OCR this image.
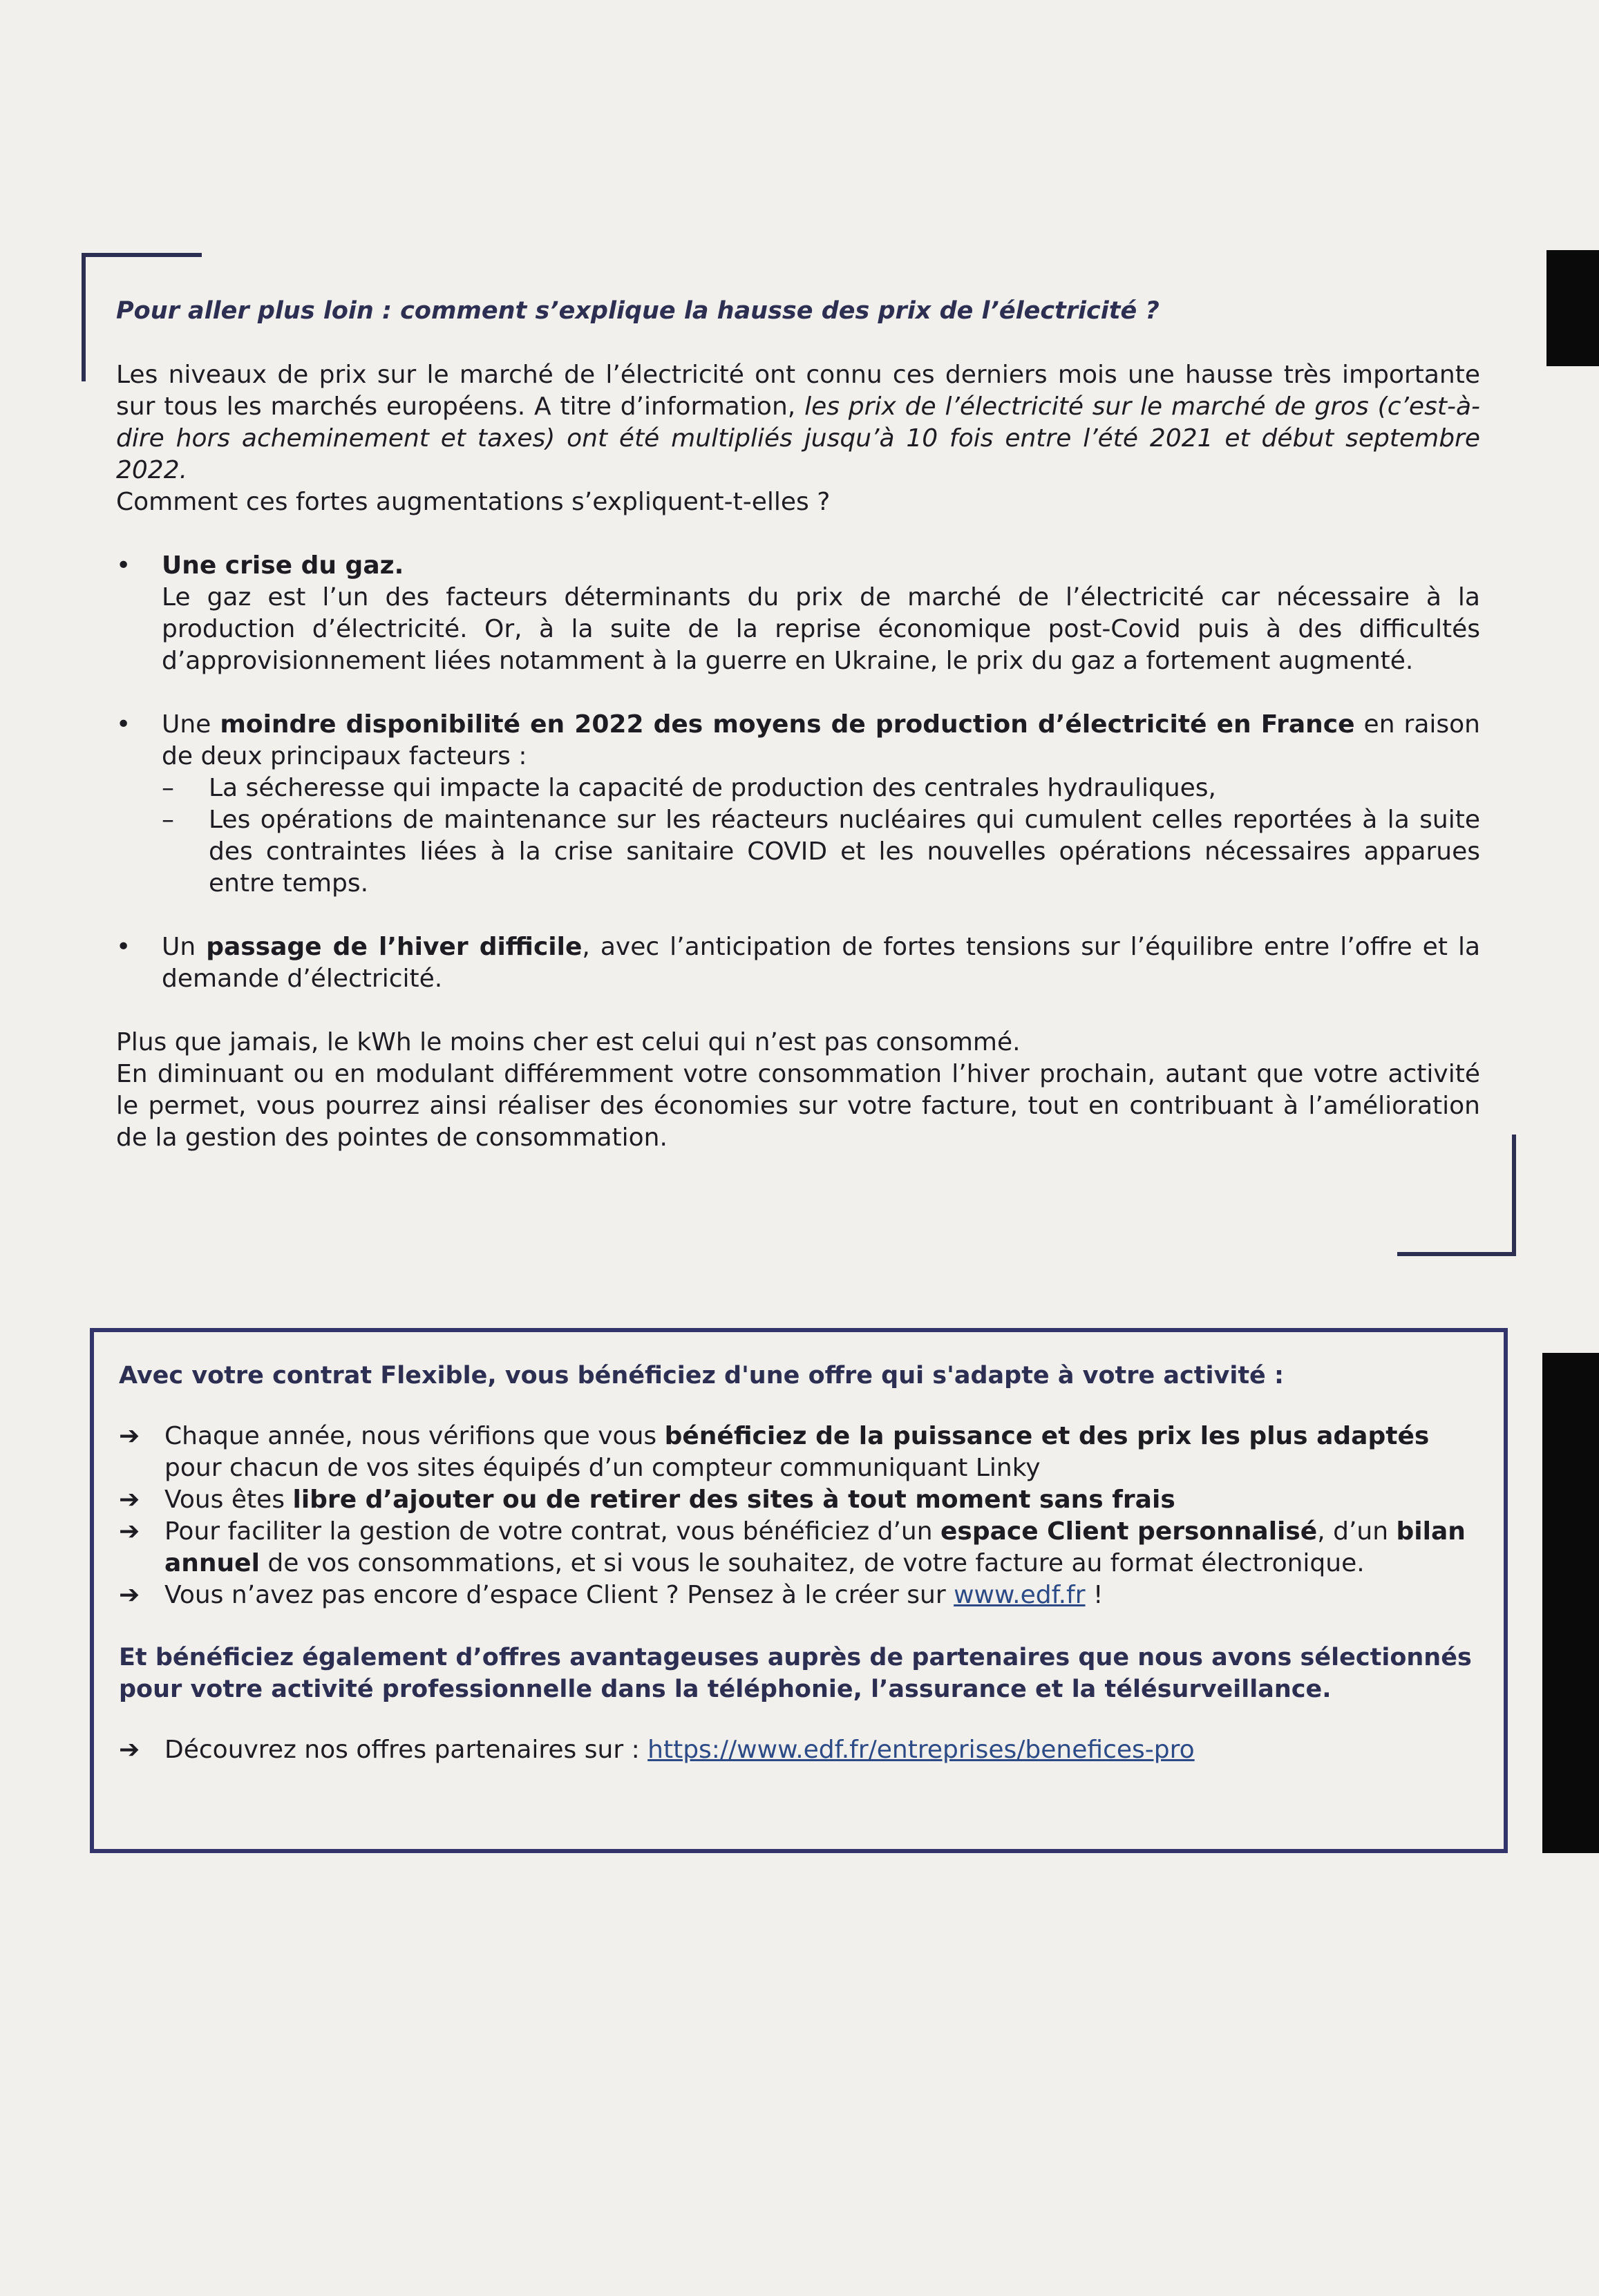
Pour aller plus loin : comment s’explique la hausse des prix de l’électricité ?

Les niveaux de prix sur le marché de l’électricité ont connu ces derniers mois une hausse très importante sur tous les marchés européens. A titre d’information, les prix de l’électricité sur le marché de gros (c’est-à-dire hors acheminement et taxes) ont été multipliés jusqu’à 10 fois entre l’été 2021 et début septembre 2022.

Comment ces fortes augmentations s’expliquent-t-elles ?

•	Une crise du gaz.

Le gaz est l’un des facteurs déterminants du prix de marché de l’électricité car nécessaire à la production d’électricité. Or, à la suite de la reprise économique post-Covid puis à des difficultés d’approvisionnement liées notamment à la guerre en Ukraine, le prix du gaz a fortement augmenté.

•	Une moindre disponibilité en 2022 des moyens de production d’électricité en France en raison de deux principaux facteurs :

– La sécheresse qui impacte la capacité de production des centrales hydrauliques,

– Les opérations de maintenance sur les réacteurs nucléaires qui cumulent celles reportées à la suite des contraintes liées à la crise sanitaire COVID et les nouvelles opérations nécessaires apparues entre temps.

•	Un passage de l’hiver difficile, avec l’anticipation de fortes tensions sur l’équilibre entre l’offre et la demande d’électricité.

Plus que jamais, le kWh le moins cher est celui qui n’est pas consommé.

En diminuant ou en modulant différemment votre consommation l’hiver prochain, autant que votre activité le permet, vous pourrez ainsi réaliser des économies sur votre facture, tout en contribuant à l’amélioration de la gestion des pointes de consommation.

Avec votre contrat Flexible, vous bénéficiez d'une offre qui s'adapte à votre activité :

➔ Chaque année, nous vérifions que vous bénéficiez de la puissance et des prix les plus adaptés pour chacun de vos sites équipés d’un compteur communiquant Linky

➔ Vous êtes libre d’ajouter ou de retirer des sites à tout moment sans frais

➔ Pour faciliter la gestion de votre contrat, vous bénéficiez d’un espace Client personnalisé, d’un bilan annuel de vos consommations, et si vous le souhaitez, de votre facture au format électronique.

➔ Vous n’avez pas encore d’espace Client ? Pensez à le créer sur www.edf.fr !

Et bénéficiez également d’offres avantageuses auprès de partenaires que nous avons sélectionnés pour votre activité professionnelle dans la téléphonie, l’assurance et la télésurveillance.

➔ Découvrez nos offres partenaires sur : https://www.edf.fr/entreprises/benefices-pro
